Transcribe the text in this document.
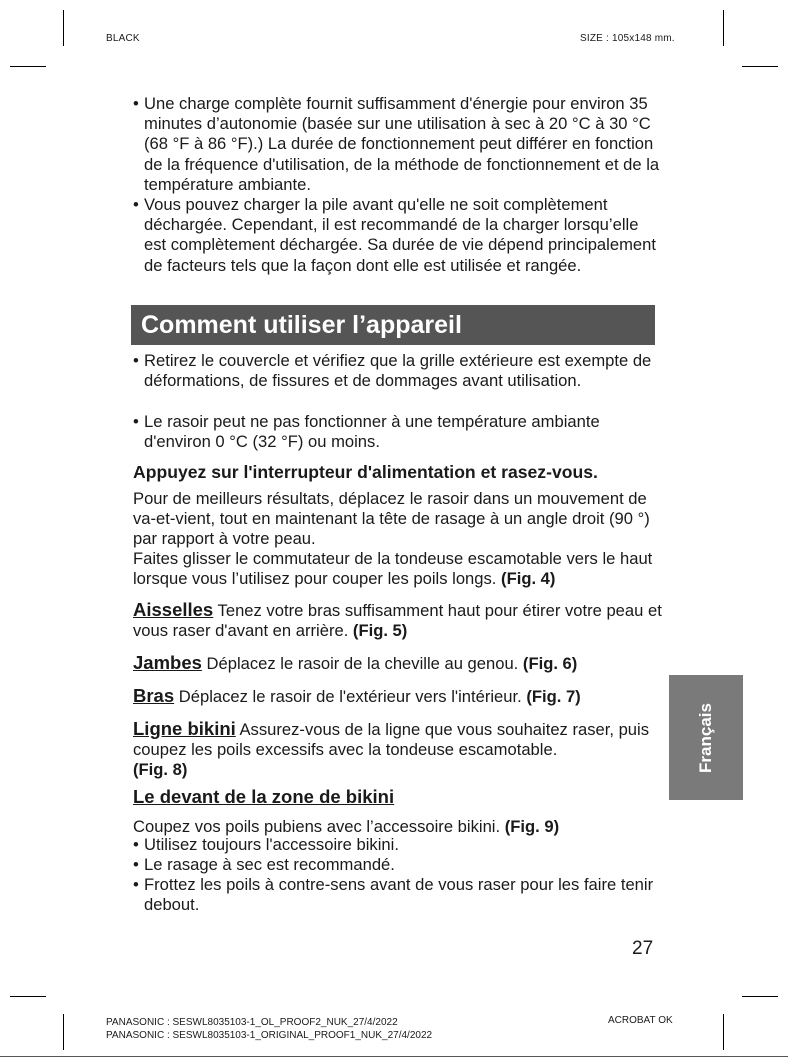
BLACK	SIZE : 105x148 mm.

• Une charge complète fournit suffisamment d'énergie pour environ 35 minutes d’autonomie (basée sur une utilisation à sec à 20 °C à 30 °C (68 °F à 86 °F).) La durée de fonctionnement peut différer en fonction de la fréquence d'utilisation, de la méthode de fonctionnement et de la température ambiante.

• Vous pouvez charger la pile avant qu'elle ne soit complètement déchargée. Cependant, il est recommandé de la charger lorsqu’elle est complètement déchargée. Sa durée de vie dépend principalement de facteurs tels que la façon dont elle est utilisée et rangée.

Comment utiliser l’appareil

• Retirez le couvercle et vérifiez que la grille extérieure est exempte de déformations, de fissures et de dommages avant utilisation.

• Le rasoir peut ne pas fonctionner à une température ambiante d'environ 0 °C (32 °F) ou moins.

Appuyez sur l'interrupteur d'alimentation et rasez-vous.

Pour de meilleurs résultats, déplacez le rasoir dans un mouvement de va-et-vient, tout en maintenant la tête de rasage à un angle droit (90 °) par rapport à votre peau.

Faites glisser le commutateur de la tondeuse escamotable vers le haut lorsque vous l’utilisez pour couper les poils longs. (Fig. 4)

Aisselles Tenez votre bras suffisamment haut pour étirer votre peau et vous raser d'avant en arrière. (Fig. 5)

Jambes Déplacez le rasoir de la cheville au genou. (Fig. 6)

Bras Déplacez le rasoir de l'extérieur vers l'intérieur. (Fig. 7)

Ligne bikini Assurez-vous de la ligne que vous souhaitez raser, puis coupez les poils excessifs avec la tondeuse escamotable.
(Fig. 8)

Le devant de la zone de bikini

Coupez vos poils pubiens avec l’accessoire bikini. (Fig. 9)

• Utilisez toujours l'accessoire bikini.

• Le rasage à sec est recommandé.

• Frottez les poils à contre-sens avant de vous raser pour les faire tenir debout.

Français
27
PANASONIC : SESWL8035103-1_OL_PROOF2_NUK_27/4/2022
PANASONIC : SESWL8035103-1_ORIGINAL_PROOF1_NUK_27/4/2022
ACROBAT OK
